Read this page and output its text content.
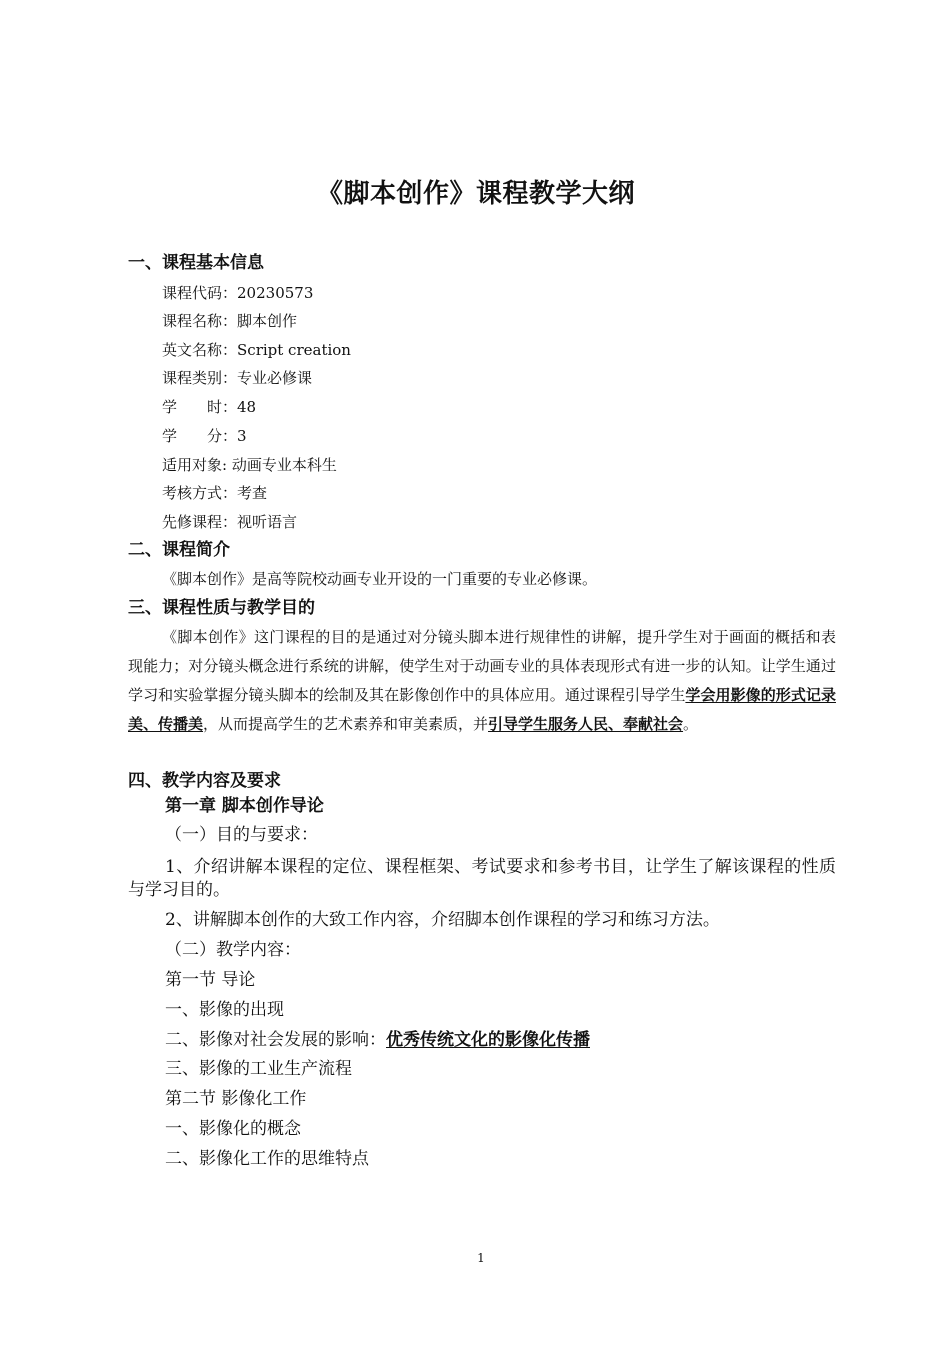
《脚本创作》课程教学大纲
一、课程基本信息
课程代码：20230573
课程名称：脚本创作
英文名称：Script creation
课程类别：专业必修课
学　　时：48
学　　分：3
适用对象: 动画专业本科生
考核方式：考查
先修课程：视听语言
二、课程简介
《脚本创作》是高等院校动画专业开设的一门重要的专业必修课。
三、课程性质与教学目的
《脚本创作》这门课程的目的是通过对分镜头脚本进行规律性的讲解，提升学生对于画面的概括和表现能力；对分镜头概念进行系统的讲解，使学生对于动画专业的具体表现形式有进一步的认知。让学生通过学习和实验掌握分镜头脚本的绘制及其在影像创作中的具体应用。通过课程引导学生学会用影像的形式记录美、传播美，从而提高学生的艺术素养和审美素质，并引导学生服务人民、奉献社会。
四、教学内容及要求
第一章 脚本创作导论
（一）目的与要求：
1、介绍讲解本课程的定位、课程框架、考试要求和参考书目，让学生了解该课程的性质与学习目的。
2、讲解脚本创作的大致工作内容，介绍脚本创作课程的学习和练习方法。
（二）教学内容：
第一节 导论
一、影像的出现
二、影像对社会发展的影响：优秀传统文化的影像化传播
三、影像的工业生产流程
第二节 影像化工作
一、影像化的概念
二、影像化工作的思维特点
1
